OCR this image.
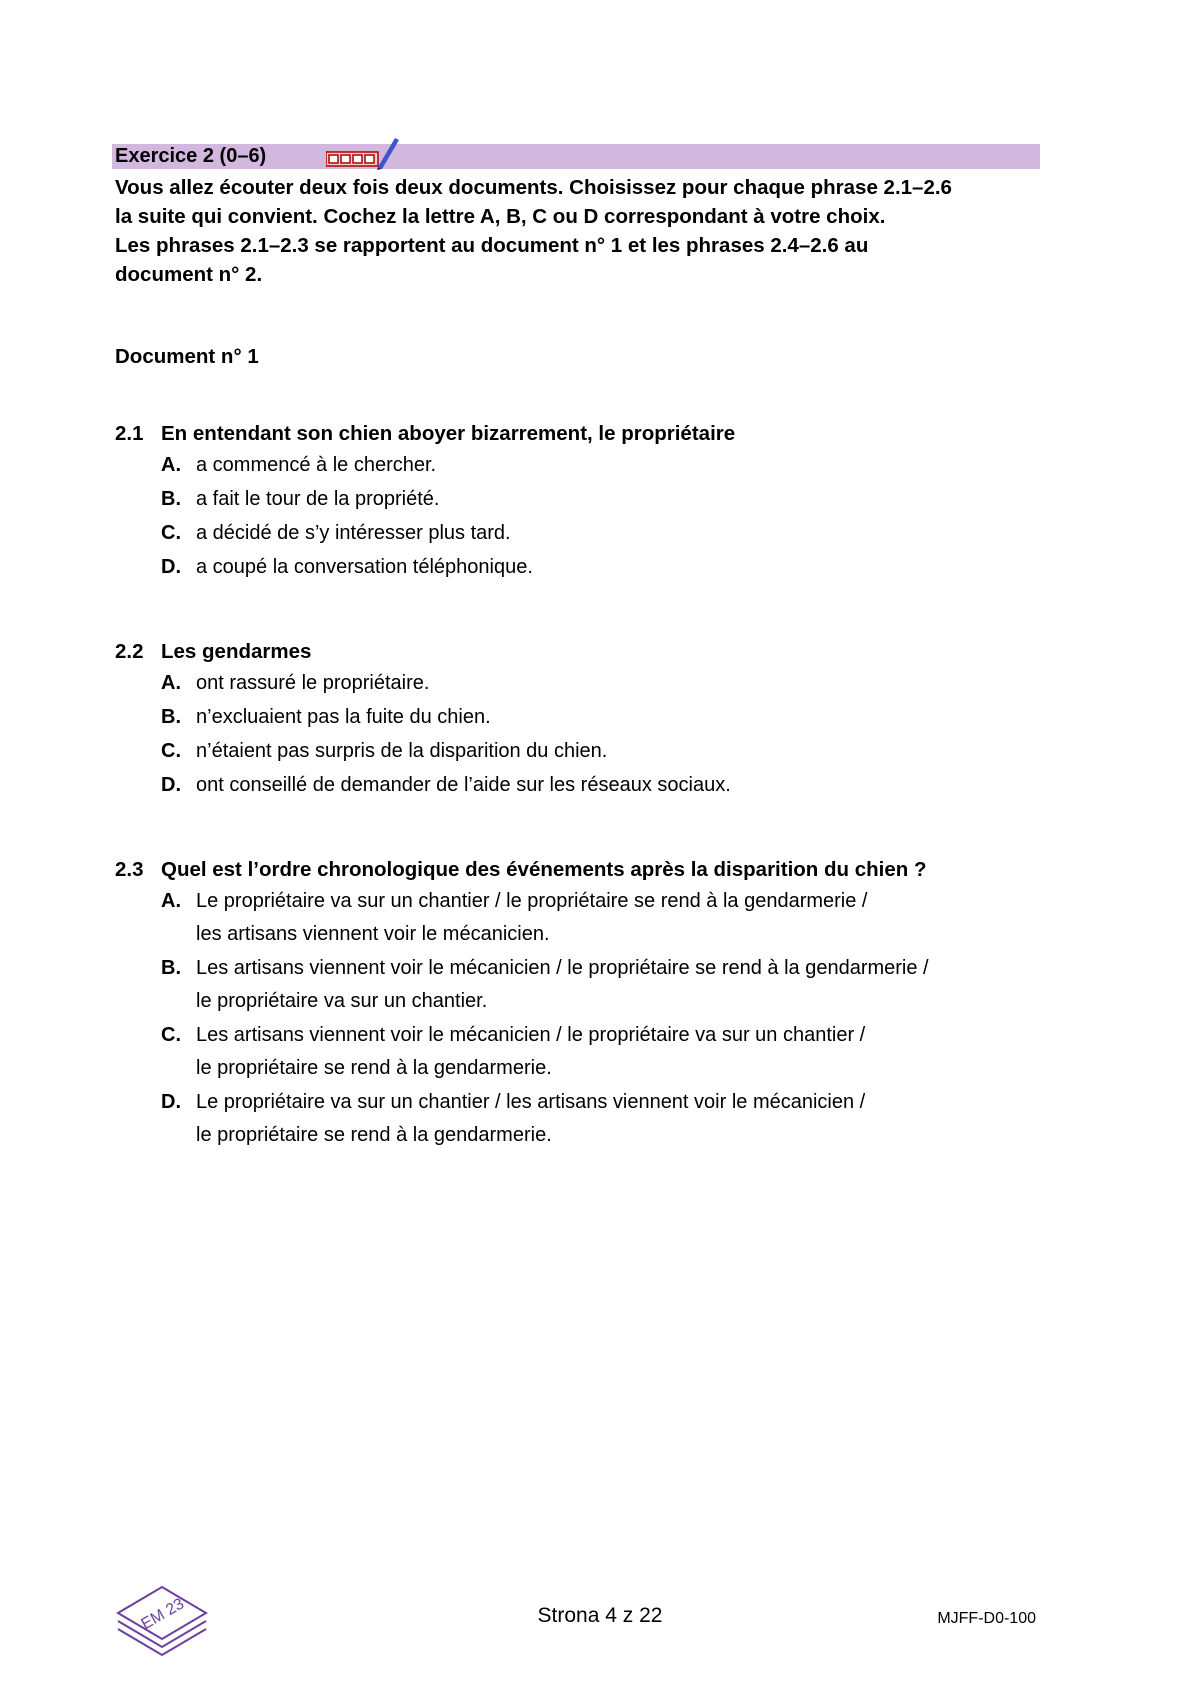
Exercice 2 (0–6)
Vous allez écouter deux fois deux documents. Choisissez pour chaque phrase 2.1–2.6
la suite qui convient. Cochez la lettre A, B, C ou D correspondant à votre choix.
Les phrases 2.1–2.3 se rapportent au document n° 1 et les phrases 2.4–2.6 au
document n° 2.
Document n° 1
2.1 En entendant son chien aboyer bizarrement, le propriétaire
A. a commencé à le chercher.
B. a fait le tour de la propriété.
C. a décidé de s’y intéresser plus tard.
D. a coupé la conversation téléphonique.
2.2 Les gendarmes
A. ont rassuré le propriétaire.
B. n’excluaient pas la fuite du chien.
C. n’étaient pas surpris de la disparition du chien.
D. ont conseillé de demander de l’aide sur les réseaux sociaux.
2.3 Quel est l’ordre chronologique des événements après la disparition du chien ?
A. Le propriétaire va sur un chantier / le propriétaire se rend à la gendarmerie /
les artisans viennent voir le mécanicien.
B. Les artisans viennent voir le mécanicien / le propriétaire se rend à la gendarmerie /
le propriétaire va sur un chantier.
C. Les artisans viennent voir le mécanicien / le propriétaire va sur un chantier /
le propriétaire se rend à la gendarmerie.
D. Le propriétaire va sur un chantier / les artisans viennent voir le mécanicien /
le propriétaire se rend à la gendarmerie.
EM 23	Strona 4 z 22	MJFF-D0-100
